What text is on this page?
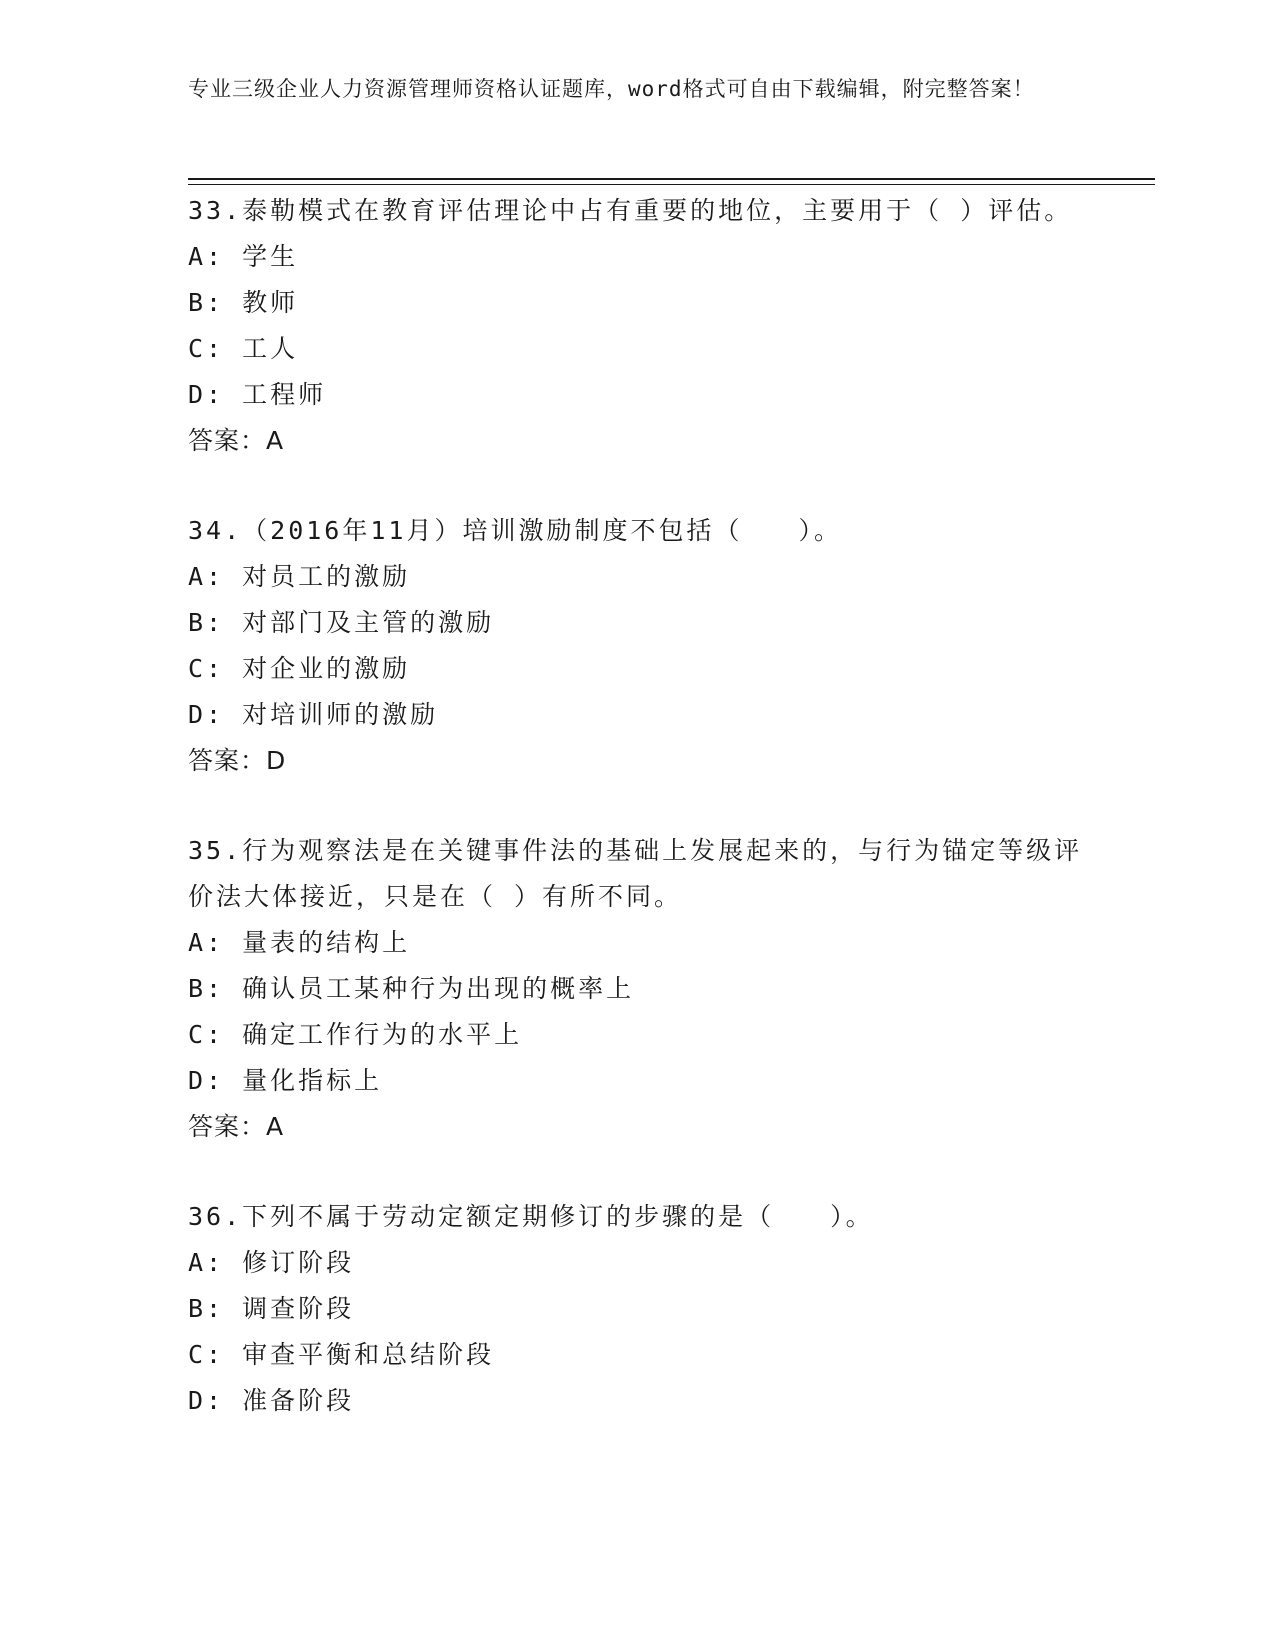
专业三级企业人力资源管理师资格认证题库，word格式可自由下载编辑，附完整答案！
33.泰勒模式在教育评估理论中占有重要的地位，主要用于（ ）评估。
A: 学生
B: 教师
C: 工人
D: 工程师
答案：A
34.（2016年11月）培训激励制度不包括（　　）。
A: 对员工的激励
B: 对部门及主管的激励
C: 对企业的激励
D: 对培训师的激励
答案：D
35.行为观察法是在关键事件法的基础上发展起来的，与行为锚定等级评价法大体接近，只是在（ ）有所不同。
A: 量表的结构上
B: 确认员工某种行为出现的概率上
C: 确定工作行为的水平上
D: 量化指标上
答案：A
36.下列不属于劳动定额定期修订的步骤的是（　　）。
A: 修订阶段
B: 调查阶段
C: 审查平衡和总结阶段
D: 准备阶段
